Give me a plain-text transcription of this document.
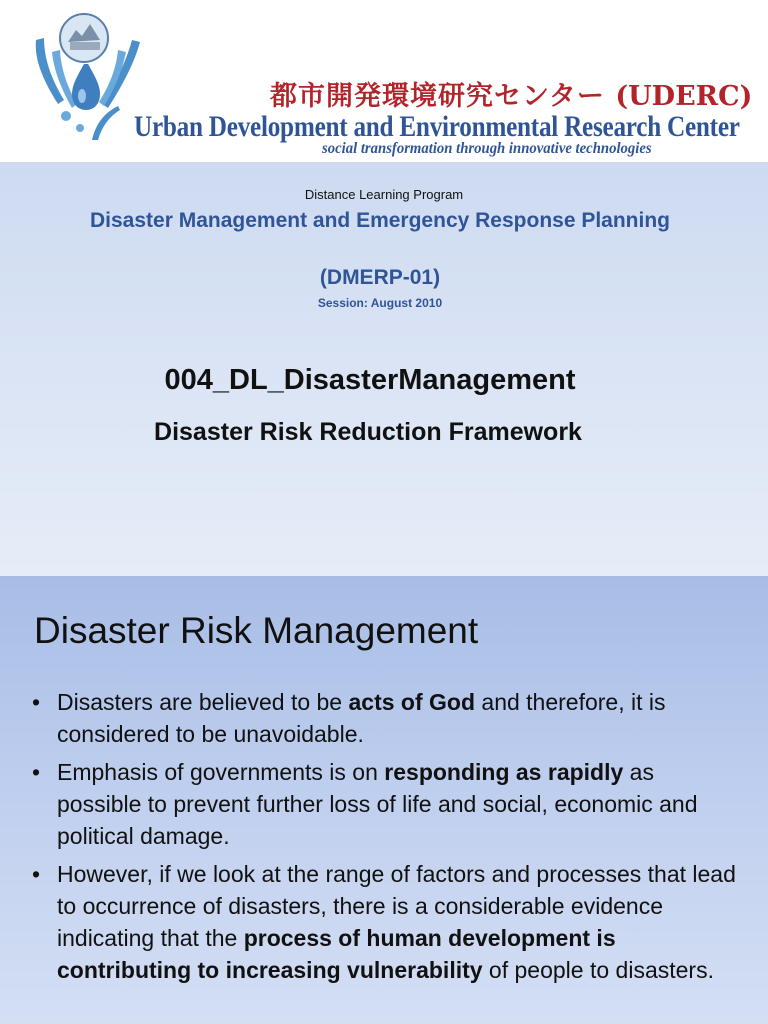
都市開発環境研究センター (UDERC)
Urban Development and Environmental Research Center
social transformation through innovative technologies
Distance Learning Program
Disaster Management and Emergency Response Planning
(DMERP-01)
Session: August 2010
004_DL_DisasterManagement
Disaster Risk Reduction Framework
Disaster Risk Management
• Disasters are believed to be acts of God and therefore, it is considered to be unavoidable.
• Emphasis of governments is on responding as rapidly as possible to prevent further loss of life and social, economic and political damage.
• However, if we look at the range of factors and processes that lead to occurrence of disasters, there is a considerable evidence indicating that the process of human development is contributing to increasing vulnerability of people to disasters.
